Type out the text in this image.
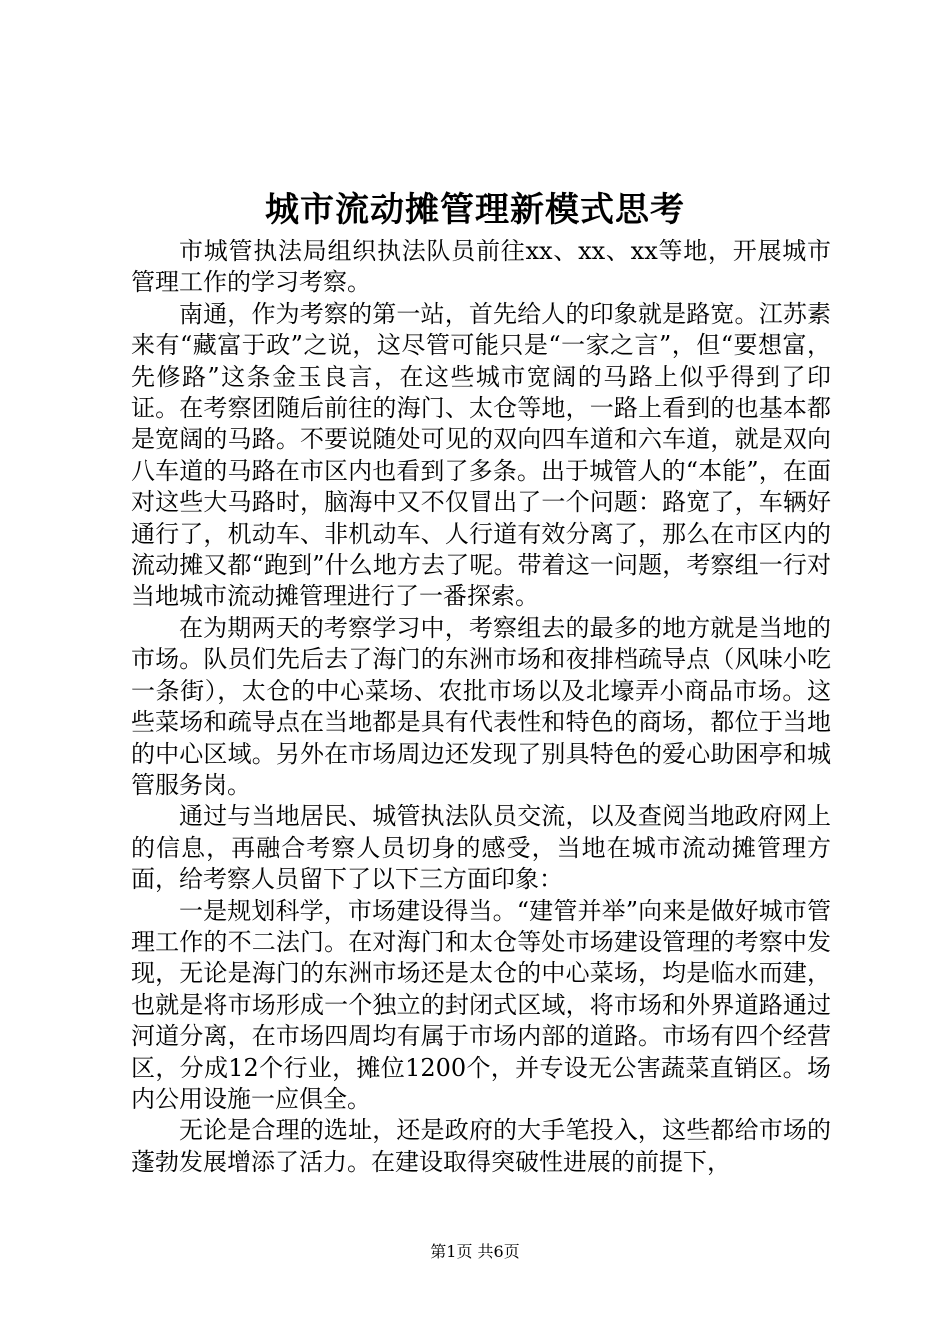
城市流动摊管理新模式思考

市城管执法局组织执法队员前往xx、xx、xx等地，开展城市管理工作的学习考察。

南通，作为考察的第一站，首先给人的印象就是路宽。江苏素来有“藏富于政”之说，这尽管可能只是“一家之言”，但“要想富，先修路”这条金玉良言，在这些城市宽阔的马路上似乎得到了印证。在考察团随后前往的海门、太仓等地，一路上看到的也基本都是宽阔的马路。不要说随处可见的双向四车道和六车道，就是双向八车道的马路在市区内也看到了多条。出于城管人的“本能”，在面对这些大马路时，脑海中又不仅冒出了一个问题：路宽了，车辆好通行了，机动车、非机动车、人行道有效分离了，那么在市区内的流动摊又都“跑到”什么地方去了呢。带着这一问题，考察组一行对当地城市流动摊管理进行了一番探索。

在为期两天的考察学习中，考察组去的最多的地方就是当地的市场。队员们先后去了海门的东洲市场和夜排档疏导点（风味小吃一条街），太仓的中心菜场、农批市场以及北壕弄小商品市场。这些菜场和疏导点在当地都是具有代表性和特色的商场，都位于当地的中心区域。另外在市场周边还发现了别具特色的爱心助困亭和城管服务岗。

通过与当地居民、城管执法队员交流，以及查阅当地政府网上的信息，再融合考察人员切身的感受，当地在城市流动摊管理方面，给考察人员留下了以下三方面印象：

一是规划科学，市场建设得当。“建管并举”向来是做好城市管理工作的不二法门。在对海门和太仓等处市场建设管理的考察中发现，无论是海门的东洲市场还是太仓的中心菜场，均是临水而建，也就是将市场形成一个独立的封闭式区域，将市场和外界道路通过河道分离，在市场四周均有属于市场内部的道路。市场有四个经营区，分成12个行业，摊位1200个，并专设无公害蔬菜直销区。场内公用设施一应俱全。

无论是合理的选址，还是政府的大手笔投入，这些都给市场的蓬勃发展增添了活力。在建设取得突破性进展的前提下，

第1页 共6页
